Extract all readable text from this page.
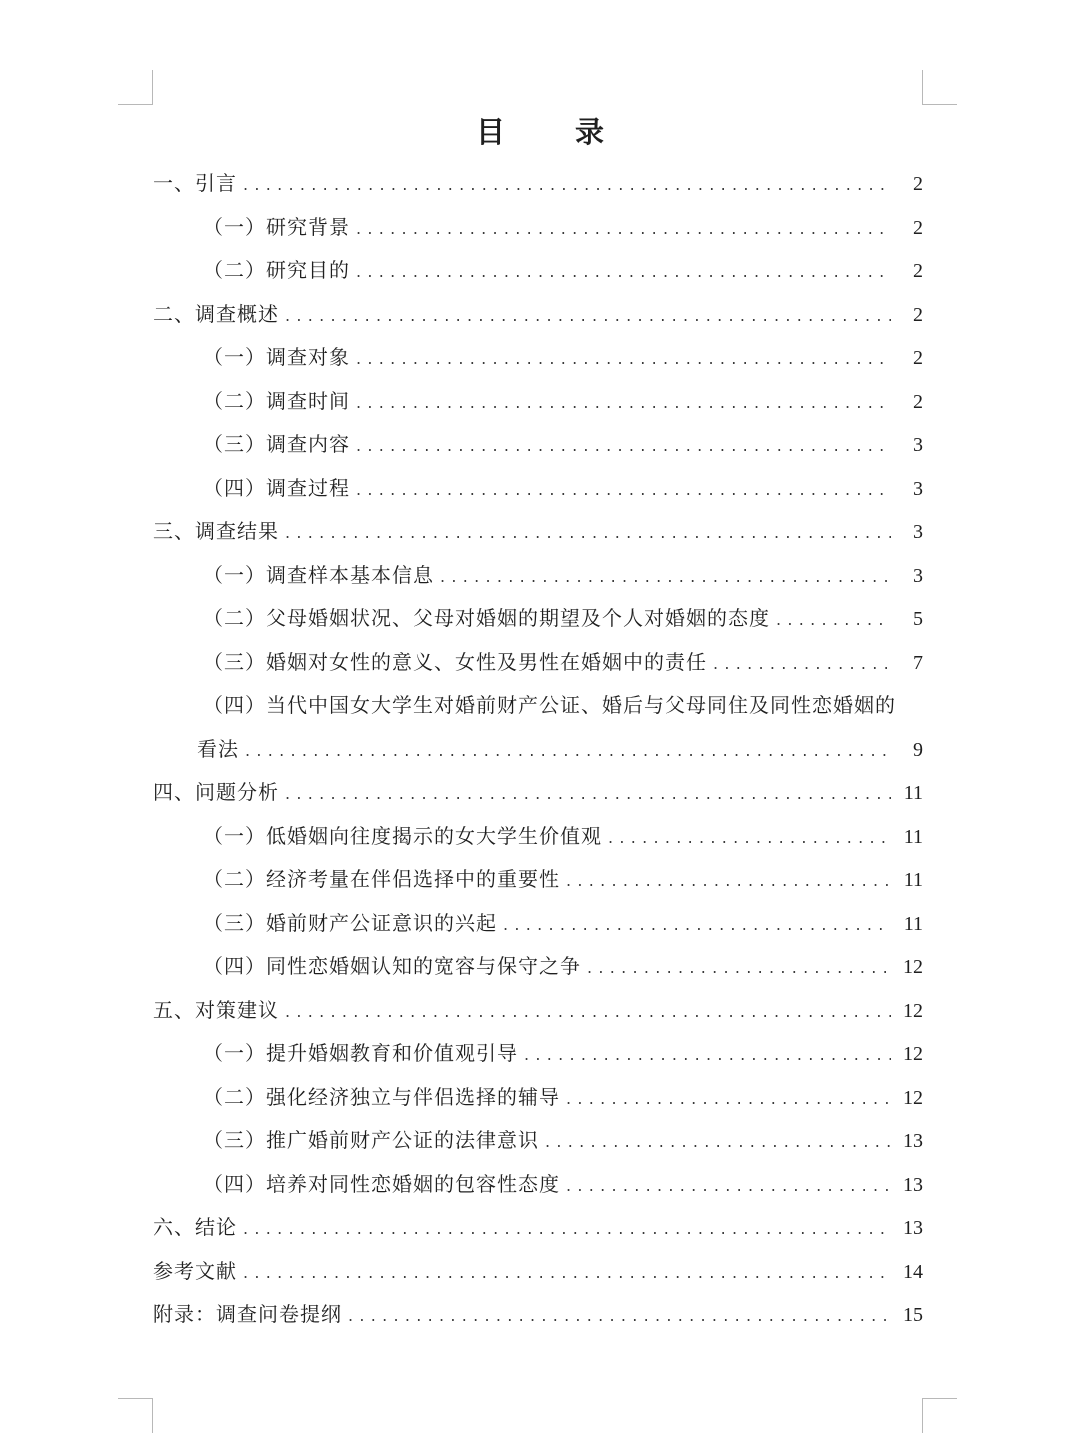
目 录
一、引言 . . .	2
（一）研究背景 . . .	2
（二）研究目的 . . .	2
二、调查概述 . . .	2
（一）调查对象 . . .	2
（二）调查时间 . . .	2
（三）调查内容 . . .	3
（四）调查过程 . . .	3
三、调查结果 . . .	3
（一）调查样本基本信息 . . .	3
（二）父母婚姻状况、父母对婚姻的期望及个人对婚姻的态度 . . .	5
（三）婚姻对女性的意义、女性及男性在婚姻中的责任 . . .	7
（四）当代中国女大学生对婚前财产公证、婚后与父母同住及同性恋婚姻的
看法 . . .	9
四、问题分析 . . .	11
（一）低婚姻向往度揭示的女大学生价值观 . . .	11
（二）经济考量在伴侣选择中的重要性 . . .	11
（三）婚前财产公证意识的兴起 . . .	11
（四）同性恋婚姻认知的宽容与保守之争 . . .	12
五、对策建议 . . .	12
（一）提升婚姻教育和价值观引导 . . .	12
（二）强化经济独立与伴侣选择的辅导 . . .	12
（三）推广婚前财产公证的法律意识 . . .	13
（四）培养对同性恋婚姻的包容性态度 . . .	13
六、结论 . . .	13
参考文献 . . .	14
附录：调查问卷提纲 . . .	15
